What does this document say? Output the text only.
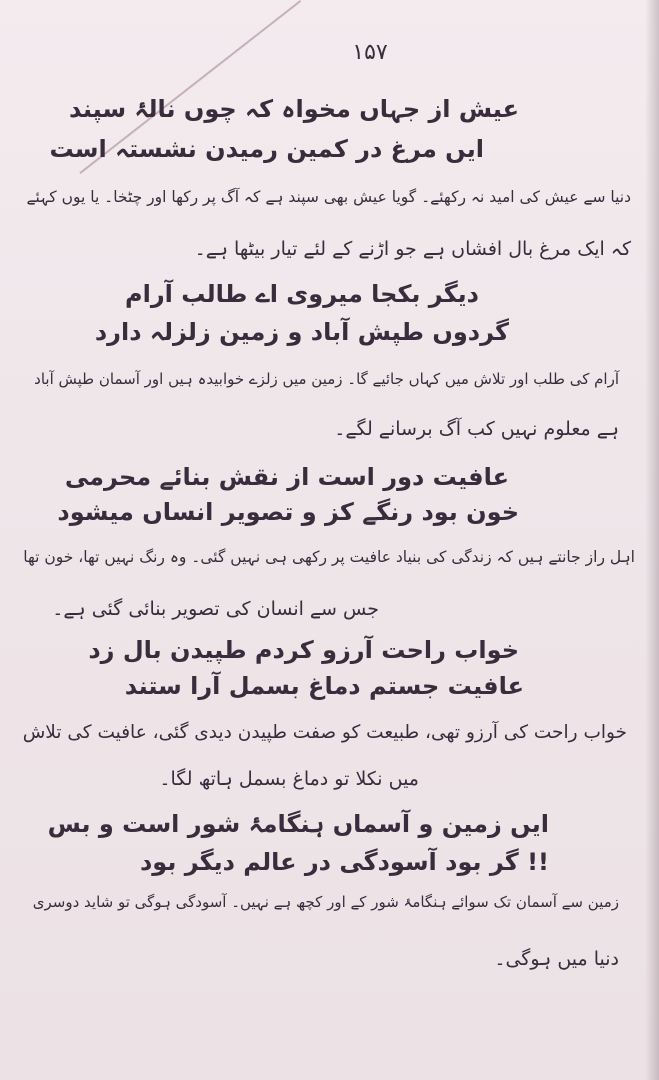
۱۵۷
عیش از جہاں مخواہ کہ چوں نالۂ سپند
ایں مرغ در کمین رمیدن نشستہ است
دنیا سے عیش کی امید نہ رکھئے۔ گویا عیش بھی سپند ہے کہ آگ پر رکھا اور چٹخا۔ یا یوں کہئے
کہ ایک مرغ بال افشاں ہے جو اڑنے کے لئے تیار بیٹھا ہے۔
دیگر بکجا میروی اے طالب آرام
گردوں طپش آباد و زمین زلزلہ دارد
آرام کی طلب اور تلاش میں کہاں جائیے گا۔ زمین میں زلزے خوابیدہ ہیں اور آسمان طپش آباد
ہے معلوم نہیں کب آگ برسانے لگے۔
عافیت دور است از نقش بنائے محرمی
خون بود رنگے کز و تصویر انساں میشود
اہل راز جانتے ہیں کہ زندگی کی بنیاد عافیت پر رکھی ہی نہیں گئی۔ وہ رنگ نہیں تھا، خون تھا
جس سے انسان کی تصویر بنائی گئی ہے۔
خواب راحت آرزو کردم طپیدن بال زد
عافیت جستم دماغ بسمل آرا ستند
خواب راحت کی آرزو تھی، طبیعت کو صفت طپیدن دیدی گئی، عافیت کی تلاش
میں نکلا تو دماغ بسمل ہاتھ لگا۔
ایں زمین و آسماں ہنگامۂ شور است و بس
!! گر بود آسودگی در عالم دیگر بود
زمین سے آسمان تک سوائے ہنگامۂ شور کے اور کچھ ہے نہیں۔ آسودگی ہوگی تو شاید دوسری
دنیا میں ہوگی۔
